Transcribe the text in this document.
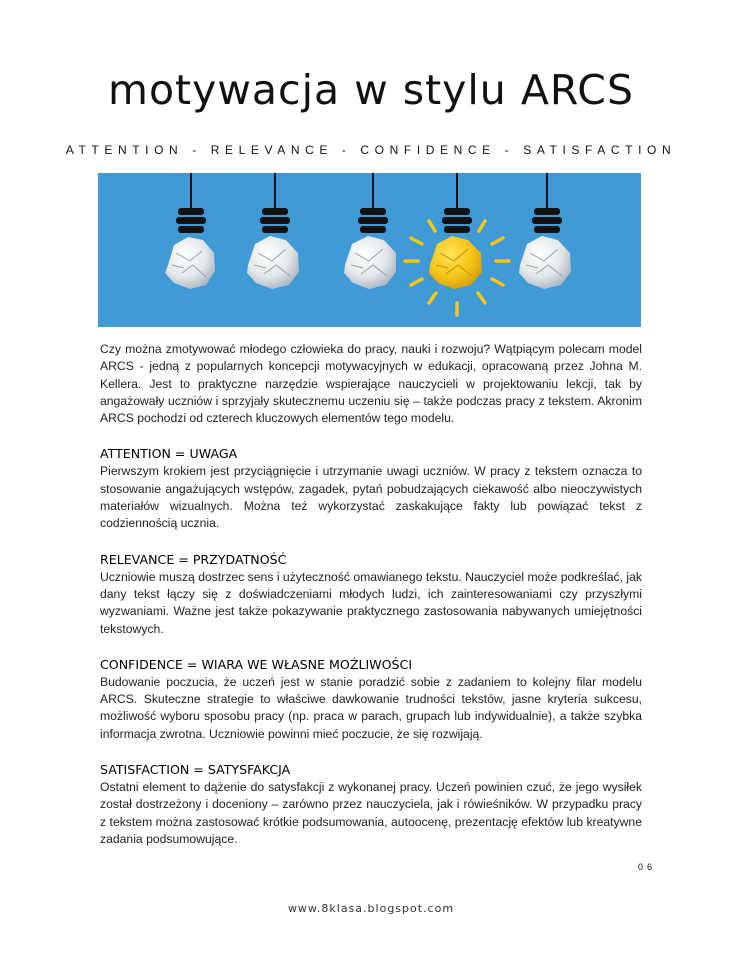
motywacja w stylu ARCS
ATTENTION - RELEVANCE - CONFIDENCE - SATISFACTION

Czy można zmotywować młodego człowieka do pracy, nauki i rozwoju? Wątpiącym polecam model ARCS - jedną z popularnych koncepcji motywacyjnych w edukacji, opracowaną przez Johna M. Kellera. Jest to praktyczne narzędzie wspierające nauczycieli w projektowaniu lekcji, tak by angażowały uczniów i sprzyjały skutecznemu uczeniu się – także podczas pracy z tekstem. Akronim ARCS pochodzi od czterech kluczowych elementów tego modelu.

ATTENTION = UWAGA

Pierwszym krokiem jest przyciągnięcie i utrzymanie uwagi uczniów. W pracy z tekstem oznacza to stosowanie angażujących wstępów, zagadek, pytań pobudzających ciekawość albo nieoczywistych materiałów wizualnych. Można też wykorzystać zaskakujące fakty lub powiązać tekst z codziennością ucznia.

RELEVANCE = PRZYDATNOŚĆ

Uczniowie muszą dostrzec sens i użyteczność omawianego tekstu. Nauczyciel może podkreślać, jak dany tekst łączy się z doświadczeniami młodych ludzi, ich zainteresowaniami czy przyszłymi wyzwaniami. Ważne jest także pokazywanie praktycznego zastosowania nabywanych umiejętności tekstowych.

CONFIDENCE = WIARA WE WŁASNE MOŻLIWOŚCI

Budowanie poczucia, że uczeń jest w stanie poradzić sobie z zadaniem to kolejny filar modelu ARCS. Skuteczne strategie to właściwe dawkowanie trudności tekstów, jasne kryteria sukcesu, możliwość wyboru sposobu pracy (np. praca w parach, grupach lub indywidualnie), a także szybka informacja zwrotna. Uczniowie powinni mieć poczucie, że się rozwijają.

SATISFACTION = SATYSFAKCJA

Ostatni element to dążenie do satysfakcji z wykonanej pracy. Uczeń powinien czuć, że jego wysiłek został dostrzeżony i doceniony – zarówno przez nauczyciela, jak i rówieśników. W przypadku pracy z tekstem można zastosować krótkie podsumowania, autoocenę, prezentację efektów lub kreatywne zadania podsumowujące.

06
www.8klasa.blogspot.com
